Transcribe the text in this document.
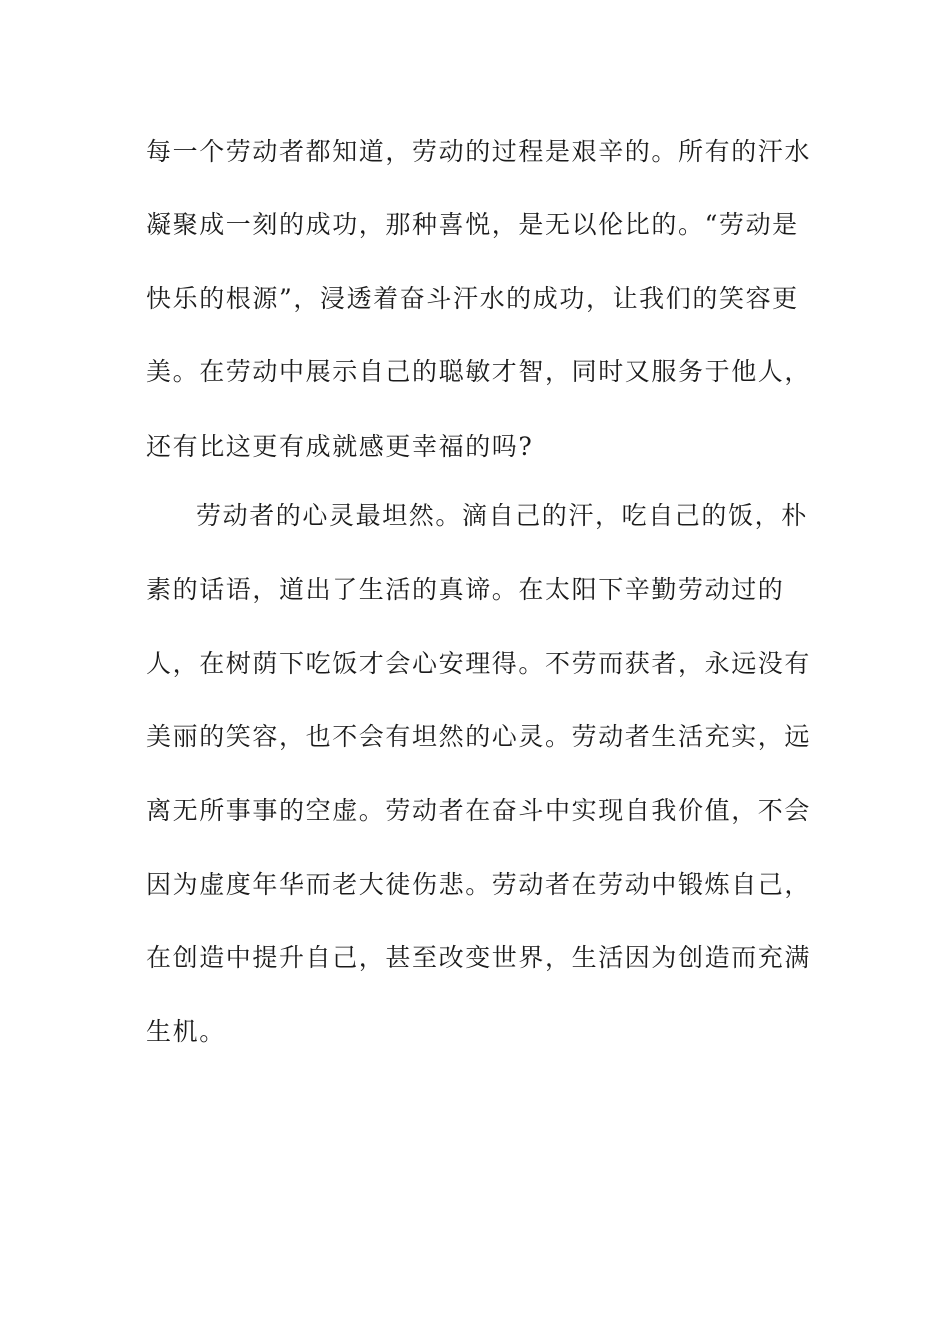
每一个劳动者都知道，劳动的过程是艰辛的。所有的汗水
凝聚成一刻的成功，那种喜悦，是无以伦比的。“劳动是
快乐的根源”，浸透着奋斗汗水的成功，让我们的笑容更
美。在劳动中展示自己的聪敏才智，同时又服务于他人，
还有比这更有成就感更幸福的吗?
劳动者的心灵最坦然。滴自己的汗，吃自己的饭，朴
素的话语，道出了生活的真谛。在太阳下辛勤劳动过的
人，在树荫下吃饭才会心安理得。不劳而获者，永远没有
美丽的笑容，也不会有坦然的心灵。劳动者生活充实，远
离无所事事的空虚。劳动者在奋斗中实现自我价值，不会
因为虚度年华而老大徒伤悲。劳动者在劳动中锻炼自己，
在创造中提升自己，甚至改变世界，生活因为创造而充满
生机。
